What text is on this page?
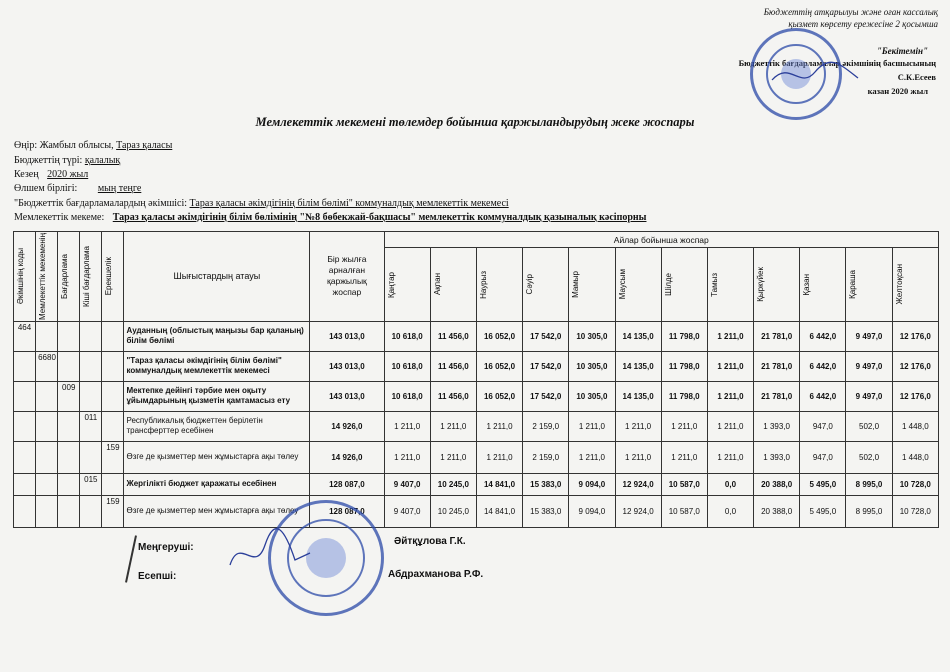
Бюджеттің атқарылуы және оған кассалық
қызмет көрсету ережесіне 2 қосымша
"Бекітемін"
Бюджеттік бағдарламалар әкімшінің басшысының
С.К.Есеев
казан 2020 жыл
Мемлекеттік мекемені төлемдер бойынша қаржыландырудың жеке жоспары
Өңір: Жамбыл облысы, Тараз қаласы
Бюджеттің түрі: қалалық
Кезең 2020 жыл
Өлшем бірлігі: мың теңге
"Бюджеттік бағдарламалардың әкімшісі: Тараз қаласы әкімдігінің білім бөлімі" коммуналдық мемлекеттік мекемесі
Мемлекеттік мекеме: Тараз қаласы әкімдігінің білім бөлімінің "№8 бөбекжай-бақшасы" мемлекеттік коммуналдық қазыналық кәсіпорны
Әкімшінің коды	Мемлекеттік мекеменің	Бағдарлама	Кіші бағдарлама	Ерекшелік	Шығыстардың атауы	Бір жылға арналған қаржылық жоспар	Айлар бойынша жоспар											

							Қаңтар	Ақпан	Наурыз	Сәуір	Мамыр	Маусым	Шілде	Тамыз	Қыркүйек	Қазан	Қараша	Желтоқсан

464					Ауданның (облыстық маңызы бар қаланың) білім бөлімі	143 013,0	10 618,0	11 456,0	16 052,0	17 542,0	10 305,0	14 135,0	11 798,0	1 211,0	21 781,0	6 442,0	9 497,0	12 176,0
	6680				"Тараз қаласы әкімдігінің білім бөлімі" коммуналдық мемлекеттік мекемесі	143 013,0	10 618,0	11 456,0	16 052,0	17 542,0	10 305,0	14 135,0	11 798,0	1 211,0	21 781,0	6 442,0	9 497,0	12 176,0
		009			Мектепке дейінгі тәрбие мен оқыту ұйымдарының қызметін қамтамасыз ету	143 013,0	10 618,0	11 456,0	16 052,0	17 542,0	10 305,0	14 135,0	11 798,0	1 211,0	21 781,0	6 442,0	9 497,0	12 176,0
			011		Республикалық бюджеттен берілетін трансферттер есебінен	14 926,0	1 211,0	1 211,0	1 211,0	2 159,0	1 211,0	1 211,0	1 211,0	1 211,0	1 393,0	947,0	502,0	1 448,0
				159	Өзге де қызметтер мен жұмыстарға ақы төлеу	14 926,0	1 211,0	1 211,0	1 211,0	2 159,0	1 211,0	1 211,0	1 211,0	1 211,0	1 393,0	947,0	502,0	1 448,0
			015		Жергілікті бюджет қаражаты есебінен	128 087,0	9 407,0	10 245,0	14 841,0	15 383,0	9 094,0	12 924,0	10 587,0	0,0	20 388,0	5 495,0	8 995,0	10 728,0
				159	Өзге де қызметтер мен жұмыстарға ақы төлеу	128 087,0	9 407,0	10 245,0	14 841,0	15 383,0	9 094,0	12 924,0	10 587,0	0,0	20 388,0	5 495,0	8 995,0	10 728,0
Меңгеруші:
Әйтқұлова Г.К.
Есепші:	Абдрахманова Р.Ф.
